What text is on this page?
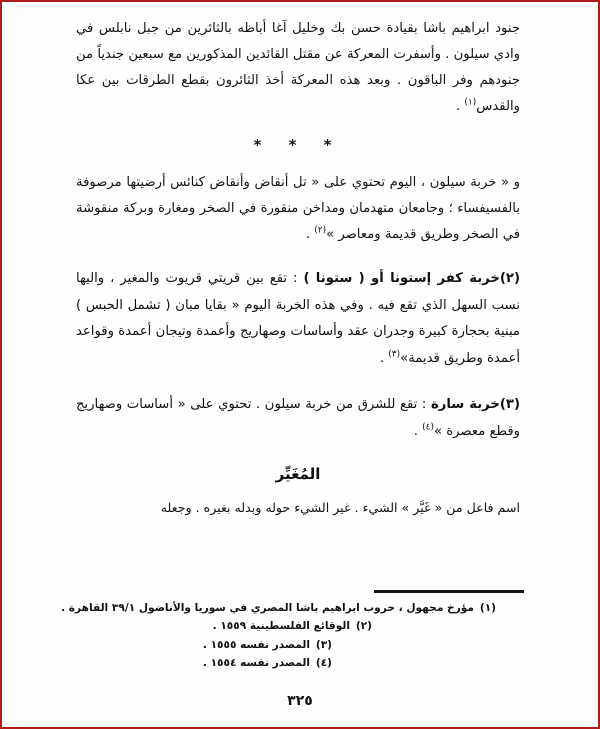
جنود ابراهيم باشا بقيادة حسن بك وخليل آغا أباظه بالثائرين من جبل نابلس في وادي سيلون . وأسفرت المعركة عن مقتل القائدين المذكورين مع سبعين جندياً من جنودهم وفر الباقون . وبعد هذه المعركة أخذ الثائرون بقطع الطرقات بين عكا والقدس$^{(١)}$ .

* * *

و « خربة سيلون ، اليوم تحتوي على « تل أنقاض وأنقاض كنائس أرضيتها مرصوفة بالفسيفساء ؛ وجامعان متهدمان ومداخن منقورة في الصخر ومغارة وبركة منقوشة في الصخر وطريق قديمة ومعاصر »$^{(٢)}$ .

(٢)خربة كفر إستونا أو ( ستونا ) : تقع بين قريتي قريوت والمغير ، واليها نسب السهل الذي تقع فيه . وفي هذه الخربة اليوم « بقايا مبان ( تشمل الحبس ) مبنية بحجارة كبيرة وجدران عقد وأساسات وصهاريج وأعمدة وتيجان أعمدة وقواعد أعمدة وطريق قديمة»$^{(٣)}$ .

(٣)خربة سارة : تقع للشرق من خربة سيلون . تحتوي على « أساسات وصهاريج وقطع معصرة »$^{(٤)}$ .

المُغَيِّر

اسم فاعل من « غَيَّر » الشيء . غير الشيء حوله وبدله بغيره . وجعله

(١)مؤرخ مجهول ، حروب ابراهيم باشا المصري في سوريا والأناضول ٣٩/١ القاهرة .
(٢)الوقائع الفلسطينية ١٥٥٩ .
(٣)المصدر نفسه ١٥٥٥ .
(٤)المصدر نفسه ١٥٥٤ .
٣٢٥
